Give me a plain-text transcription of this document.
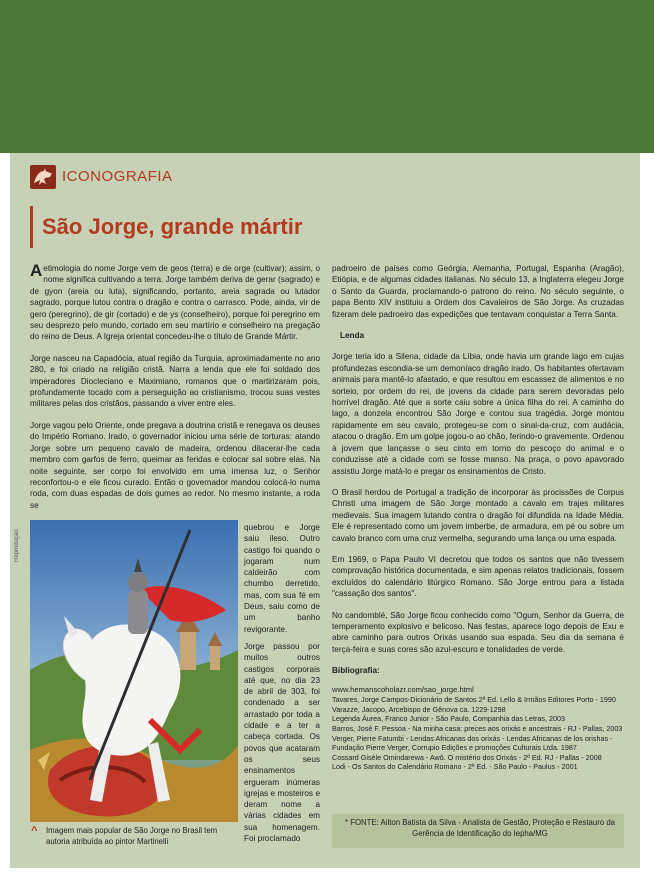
ICONOGRAFIA
São Jorge, grande mártir

Aetimologia do nome Jorge vem de geos (terra) e de orge (cultivar); assim, o nome significa cultivando a terra. Jorge também deriva de gerar (sagrado) e de gyon (areia ou luta), significando, portanto, areia sagrada ou lutador sagrado, porque lutou contra o dragão e contra o carrasco. Pode, ainda, vir de gero (peregrino), de gir (cortado) e de ys (conselheiro), porque foi peregrino em seu desprezo pelo mundo, cortado em seu martírio e conselheiro na pregação do reino de Deus. A Igreja oriental concedeu-lhe o título de Grande Mártir.

Jorge nasceu na Capadócia, atual região da Turquia, aproximadamente no ano 280, e foi criado na religião cristã. Narra a lenda que ele foi soldado dos imperadores Diocleciano e Maximiano, romanos que o martirizaram pois, profundamente tocado com a perseguição ao cristianismo, trocou suas vestes militares pelas dos cristãos, passando a viver entre eles.

Jorge vagou pelo Oriente, onde pregava a doutrina cristã e renegava os deuses do Império Romano. Irado, o governador iniciou uma série de torturas: atando Jorge sobre um pequeno cavalo de madeira, ordenou dilacerar-lhe cada membro com garfos de ferro, queimar as feridas e colocar sal sobre elas. Na noite seguinte, ser corpo foi envolvido em uma imensa luz, o Senhor reconfortou-o e ele ficou curado. Então o governador mandou colocá-lo numa roda, com duas espadas de dois gumes ao redor. No mesmo instante, a roda se

Reprodução

quebrou e Jorge saiu ileso. Outro castigo foi quando o jogaram num caldeirão com chumbo derretido, mas, com sua fé em Deus, saiu como de um banho revigorante.

Jorge passou por muitos outros castigos corporais até que, no dia 23 de abril de 303, foi condenado a ser arrastado por toda a cidade e a ter a cabeça cortada. Os povos que acataram os seus ensinamentos ergueram inúmeras igrejas e mosteiros e deram nome a várias cidades em sua homenagem. Foi proclamado

^ Imagem mais popular de São Jorge no Brasil tem autoria atribuída ao pintor Martinelli

padroeiro de países como Geórgia, Alemanha, Portugal, Espanha (Aragão), Etiópia, e de algumas cidades italianas. No século 13, a Inglaterra elegeu Jorge o Santo da Guarda, proclamando-o patrono do reino. No século seguinte, o papa Bento XIV instituiu a Ordem dos Cavaleiros de São Jorge. As cruzadas fizeram dele padroeiro das expedições que tentavam conquistar a Terra Santa.

Lenda

Jorge teria ido a Silena, cidade da Líbia, onde havia um grande lago em cujas profundezas escondia-se um demoníaco dragão irado. Os habitantes ofertavam animais para mantê-lo afastado, e que resultou em escassez de alimentos e no sorteio, por ordem do rei, de jovens da cidade para serem devoradas pelo horrível dragão. Até que a sorte caiu sobre a única filha do rei. A caminho do lago, a donzela encontrou São Jorge e contou sua tragédia. Jorge montou rapidamente em seu cavalo, protegeu-se com o sinal-da-cruz, com audácia, atacou o dragão. Em um golpe jogou-o ao chão, ferindo-o gravemente. Ordenou à jovem que lançasse o seu cinto em torno do pescoço do animal e o conduzisse até a cidade com se fosse manso. Na praça, o povo apavorado assistiu Jorge matá-lo e pregar os ensinamentos de Cristo.

O Brasil herdou de Portugal a tradição de incorporar às procissões de Corpus Christi uma imagem de São Jorge montado a cavalo em trajes militares medievais. Sua imagem lutando contra o dragão foi difundida na Idade Média. Ele é representado como um jovem imberbe, de armadura, em pé ou sobre um cavalo branco com uma cruz vermelha, segurando uma lança ou uma espada.

Em 1969, o Papa Paulo VI decretou que todos os santos que não tivessem comprovação histórica documentada, e sim apenas relatos tradicionais, fossem excluídos do calendário litúrgico Romano. São Jorge entrou para a listada "cassação dos santos".

No candomblé, São Jorge ficou conhecido como "Ogum, Senhor da Guerra, de temperamento explosivo e belicoso. Nas festas, aparece logo depois de Exu e abre caminho para outros Orixás usando sua espada. Seu dia da semana é terça-feira e suas cores são azul-escuro e tonalidades de verde.

Bibliografia:

www.hemanscoholazr.com/sao_jorge.html

Tavares, Jorge Campos-Dicionário de Santos 2ª Ed. Lello & Irmãos Editores Porto - 1990

Varazze, Jacopo, Arcebispo de Gênova ca. 1229-1298

Legenda Áurea, Franco Junior - São Paulo, Companhia das Letras, 2003

Barros, José F. Pessoa - Na minha casa: preces aos orixás e ancestrais - RJ - Pallas, 2003

Verger, Pierre Fatumbi - Lendas Africanas dos orixás - Lendas Africanas de los orishas - Fundação Pierre Verger, Corrupio Edições e promoções Culturais Ltda. 1987

Cossard Gisèle Omindarewa - Awô. O mistério dos Orixás - 2ª Ed. RJ - Pallas - 2008

Lodi - Os Santos do Calendário Romano - 2ª Ed. - São Paulo - Paulus - 2001

* FONTE: Ailton Batista da Silva - Analista de Gestão, Proteção e Restauro da Gerência de Identificação do Iepha/MG
